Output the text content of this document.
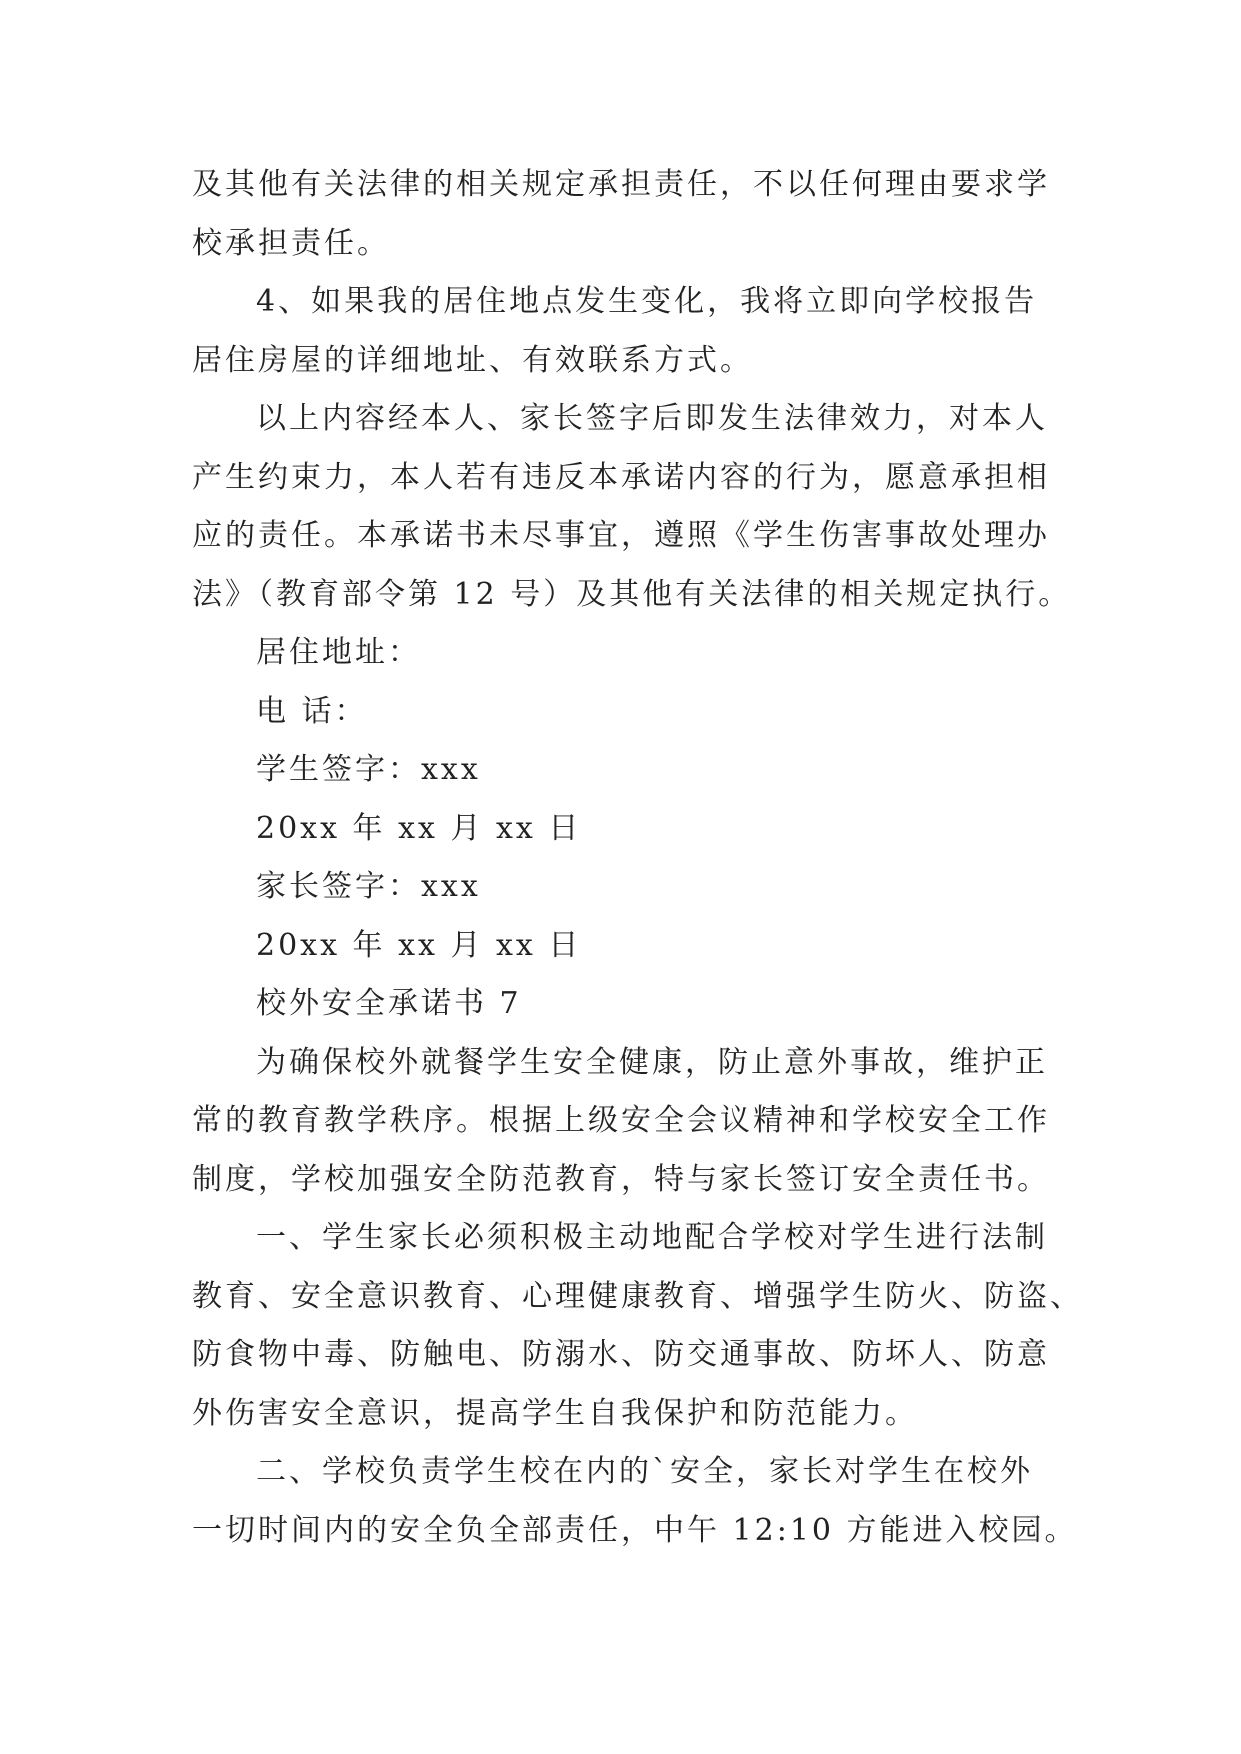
及其他有关法律的相关规定承担责任，不以任何理由要求学
校承担责任。
4、如果我的居住地点发生变化，我将立即向学校报告
居住房屋的详细地址、有效联系方式。
以上内容经本人、家长签字后即发生法律效力，对本人
产生约束力，本人若有违反本承诺内容的行为，愿意承担相
应的责任。本承诺书未尽事宜，遵照《学生伤害事故处理办
法》（教育部令第 12 号）及其他有关法律的相关规定执行。
居住地址：
电 话：
学生签字：xxx
20xx 年 xx 月 xx 日
家长签字：xxx
20xx 年 xx 月 xx 日
校外安全承诺书 7
为确保校外就餐学生安全健康，防止意外事故，维护正
常的教育教学秩序。根据上级安全会议精神和学校安全工作
制度，学校加强安全防范教育，特与家长签订安全责任书。
一、学生家长必须积极主动地配合学校对学生进行法制
教育、安全意识教育、心理健康教育、增强学生防火、防盗、
防食物中毒、防触电、防溺水、防交通事故、防坏人、防意
外伤害安全意识，提高学生自我保护和防范能力。
二、学校负责学生校在内的`安全，家长对学生在校外
一切时间内的安全负全部责任，中午 12:10 方能进入校园。
